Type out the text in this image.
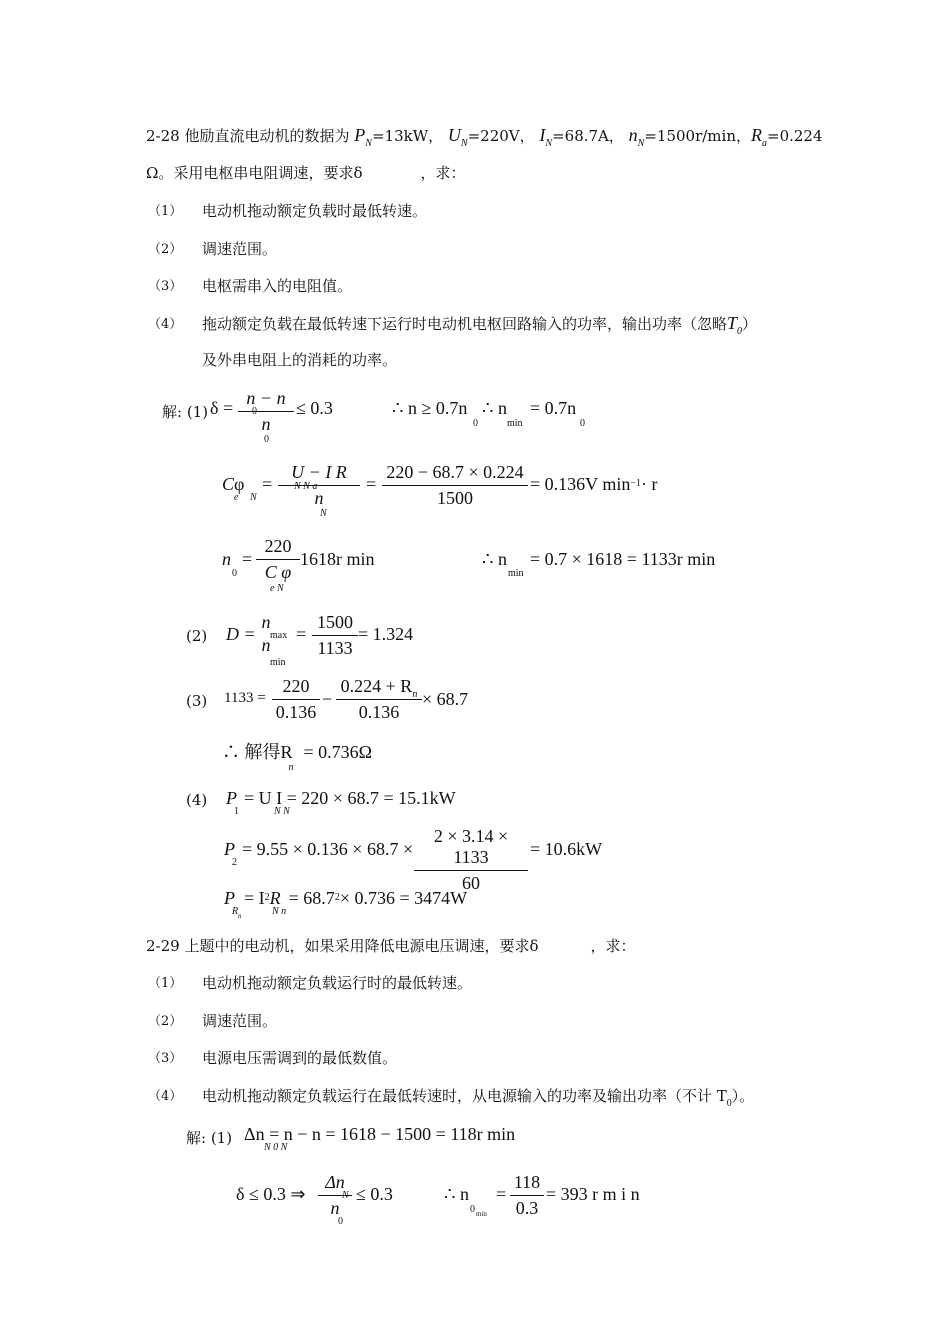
2-28 他励直流电动机的数据为 $P_N=13kW$， $U_N=220V$， $I_N=68.7A$， $n_N=1500r/\min$，$R_a=0.224$
Ω。采用电枢串电阻调速，要求δ	，求：
（1） 电动机拖动额定负载时最低转速。
（2） 调速范围。
（3） 电枢需串入的电阻值。
（4） 拖动额定负载在最低转速下运行时电动机电枢回路输入的功率，输出功率（忽略$T_0$）
及外串电阻上的消耗的功率。
解: (1) δ = n − n
n
0
0
≤ 0.3	∴ n ≥ 0.7n
0
∴ n
min
= 0.7n
0
Cφ
e N
=
U − I R
n
N N a
N
=
220 − 68.7 × 0.224
1500
= 0.136V $\min^{-1}\cdot r$
n
0
=
220
C φ
e N
1618r min	∴ n
min
= 0.7 × 1618 = 1133r min
(2) D =
n
n max
min
=
1500
1133
= 1.324
(3) 1133 =
220
0.136
−
$0.224 + R_n$
0.136
× 68.7
∴ 解得$R_n= 0.736\Omega$
(4) P
1
= U I = 220 × 68.7 = 15.1kW
N N
P
2
= 9.55 × 0.136 × 68.7 ×
2 × 3.14 × 1133
60
= 10.6kW
P
R n
= $I^2R = 68.7^2\times 0.736 = 3474W$
N n
2-29 上题中的电动机，如果采用降低电源电压调速，要求δ	，求：
（1） 电动机拖动额定负载运行时的最低转速。
（2） 调速范围。
（3） 电源电压需调到的最低数值。
（4） 电动机拖动额定负载运行在最低转速时，从电源输入的功率及输出功率（不计 $T_0$）。
解: (1) Δn = n − n = 1618 − 1500 = 118r min
N 0 N
δ ≤ 0.3 ⇒
Δn
n
N
0
≤ 0.3	∴ n
0 min
=
118
0.3
= 393 r m i n
